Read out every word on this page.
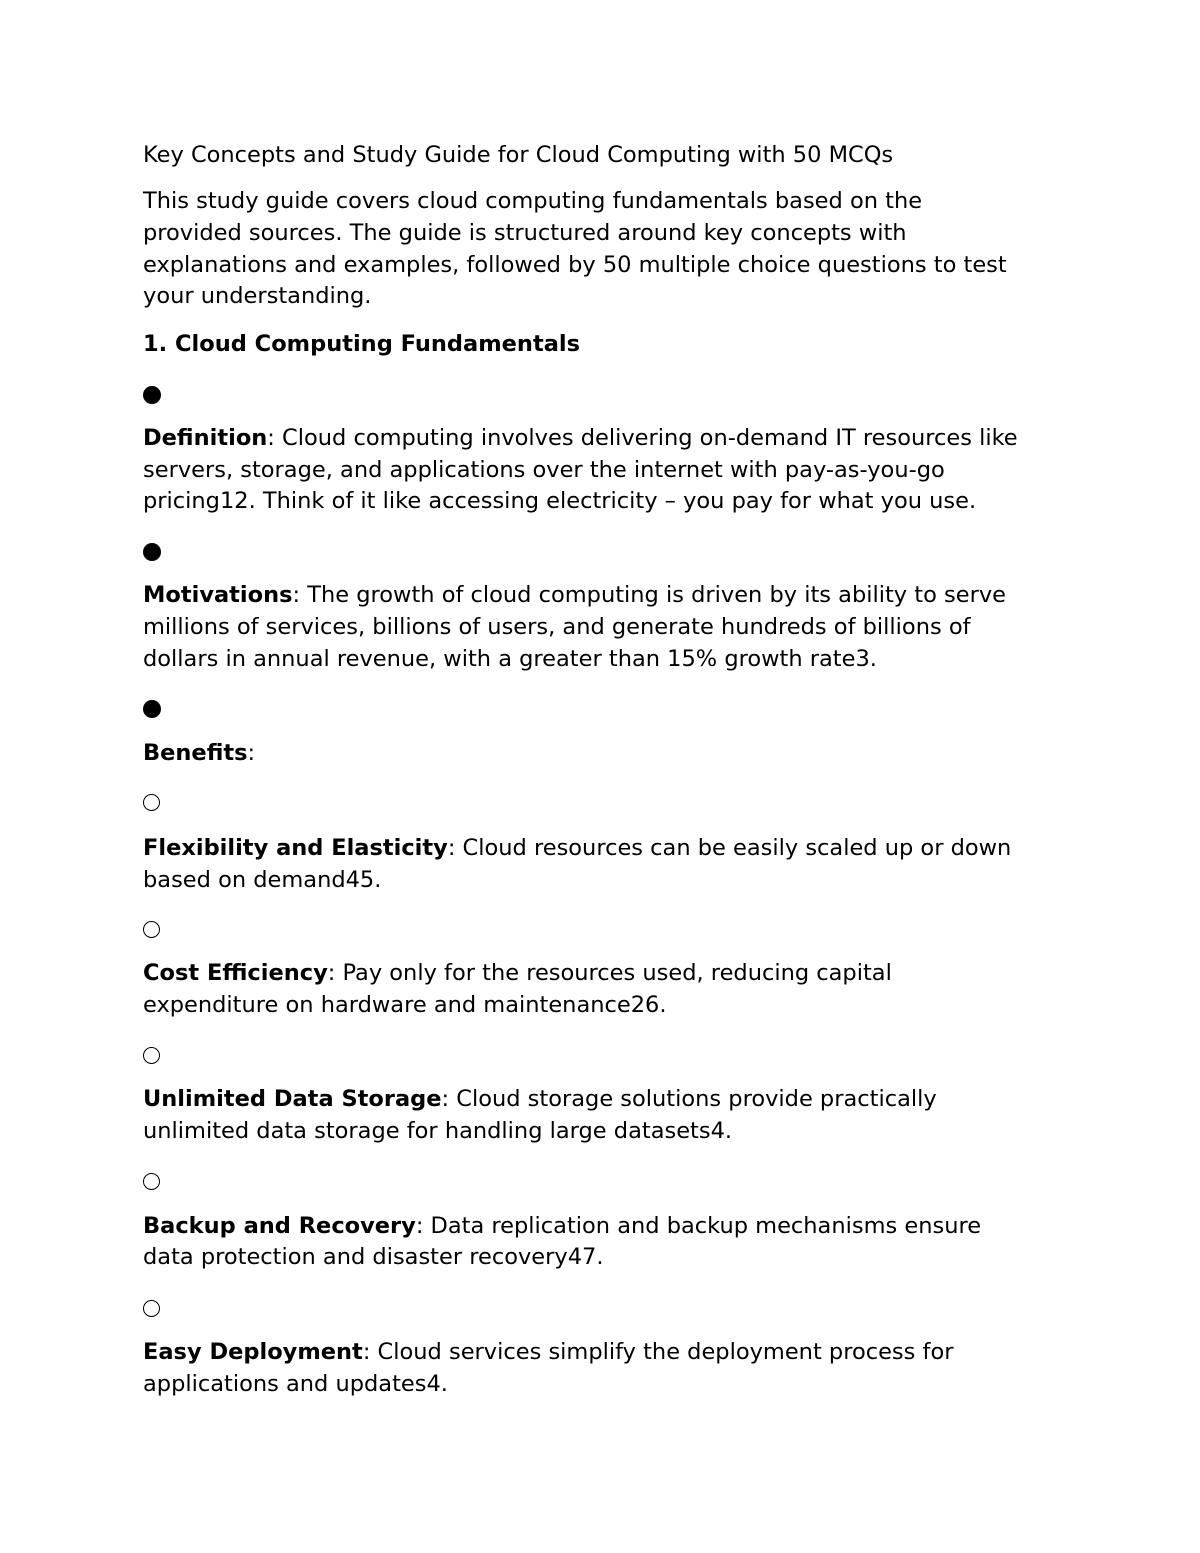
Key Concepts and Study Guide for Cloud Computing with 50 MCQs
This study guide covers cloud computing fundamentals based on the
provided sources. The guide is structured around key concepts with
explanations and examples, followed by 50 multiple choice questions to test
your understanding.
1. Cloud Computing Fundamentals
Definition: Cloud computing involves delivering on-demand IT resources like
servers, storage, and applications over the internet with pay-as-you-go
pricing12. Think of it like accessing electricity – you pay for what you use.
Motivations: The growth of cloud computing is driven by its ability to serve
millions of services, billions of users, and generate hundreds of billions of
dollars in annual revenue, with a greater than 15% growth rate3.
Benefits:
Flexibility and Elasticity: Cloud resources can be easily scaled up or down
based on demand45.
Cost Efficiency: Pay only for the resources used, reducing capital
expenditure on hardware and maintenance26.
Unlimited Data Storage: Cloud storage solutions provide practically
unlimited data storage for handling large datasets4.
Backup and Recovery: Data replication and backup mechanisms ensure
data protection and disaster recovery47.
Easy Deployment: Cloud services simplify the deployment process for
applications and updates4.
